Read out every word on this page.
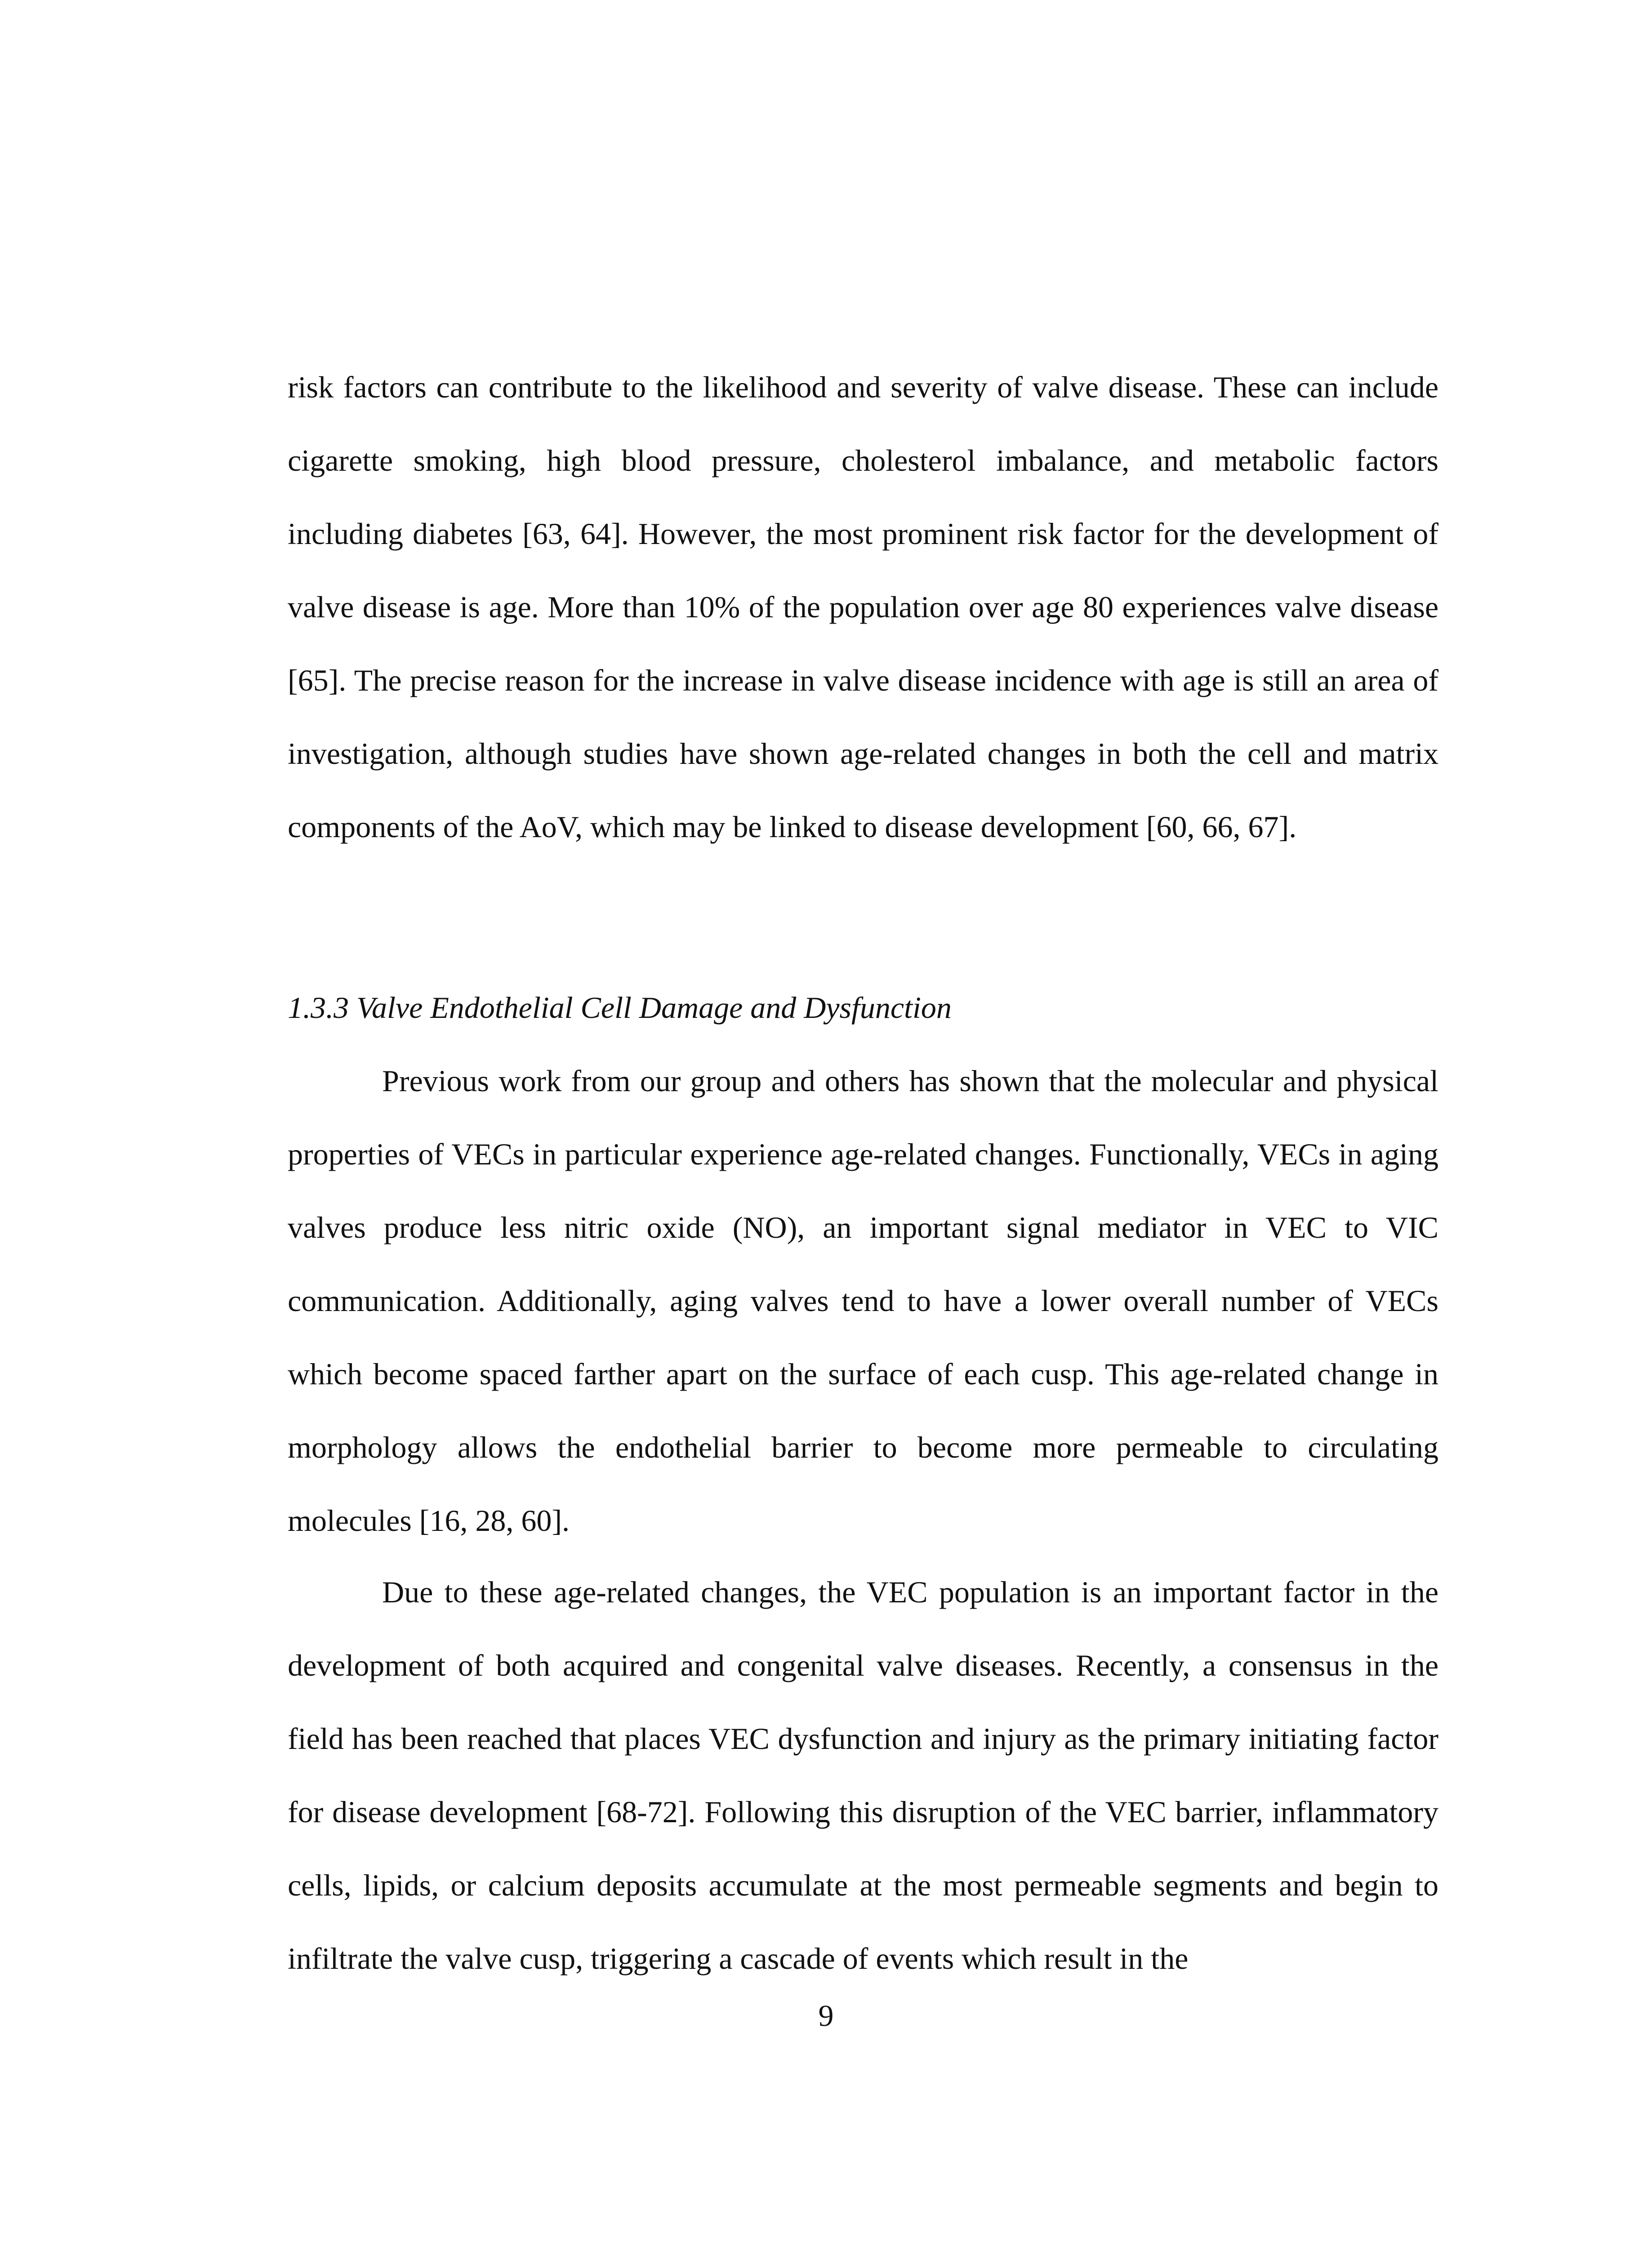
risk factors can contribute to the likelihood and severity of valve disease. These can include cigarette smoking, high blood pressure, cholesterol imbalance, and metabolic factors including diabetes [63, 64]. However, the most prominent risk factor for the development of valve disease is age. More than 10% of the population over age 80 experiences valve disease [65]. The precise reason for the increase in valve disease incidence with age is still an area of investigation, although studies have shown age-related changes in both the cell and matrix components of the AoV, which may be linked to disease development [60, 66, 67].

1.3.3 Valve Endothelial Cell Damage and Dysfunction

Previous work from our group and others has shown that the molecular and physical properties of VECs in particular experience age-related changes. Functionally, VECs in aging valves produce less nitric oxide (NO), an important signal mediator in VEC to VIC communication. Additionally, aging valves tend to have a lower overall number of VECs which become spaced farther apart on the surface of each cusp. This age-related change in morphology allows the endothelial barrier to become more permeable to circulating molecules [16, 28, 60].

Due to these age-related changes, the VEC population is an important factor in the development of both acquired and congenital valve diseases. Recently, a consensus in the field has been reached that places VEC dysfunction and injury as the primary initiating factor for disease development [68-72]. Following this disruption of the VEC barrier, inflammatory cells, lipids, or calcium deposits accumulate at the most permeable segments and begin to infiltrate the valve cusp, triggering a cascade of events which result in the

9
